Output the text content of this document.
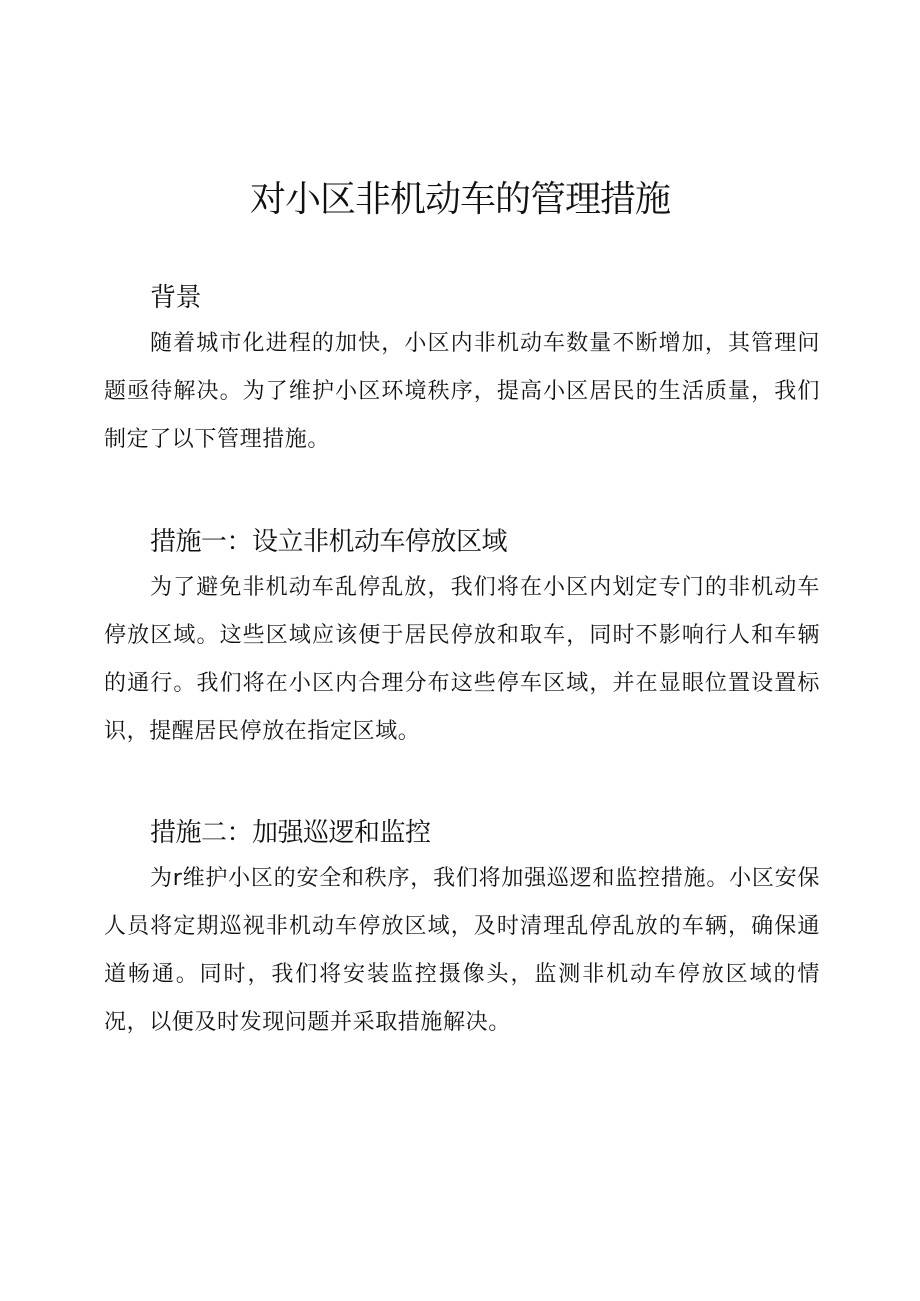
对小区非机动车的管理措施
背景

随着城市化进程的加快，小区内非机动车数量不断增加，其管理问题亟待解决。为了维护小区环境秩序，提高小区居民的生活质量，我们制定了以下管理措施。

措施一：设立非机动车停放区域

为了避免非机动车乱停乱放，我们将在小区内划定专门的非机动车停放区域。这些区域应该便于居民停放和取车，同时不影响行人和车辆的通行。我们将在小区内合理分布这些停车区域，并在显眼位置设置标识，提醒居民停放在指定区域。

措施二：加强巡逻和监控

为r维护小区的安全和秩序，我们将加强巡逻和监控措施。小区安保人员将定期巡视非机动车停放区域，及时清理乱停乱放的车辆，确保通道畅通。同时，我们将安装监控摄像头，监测非机动车停放区域的情况，以便及时发现问题并采取措施解决。
